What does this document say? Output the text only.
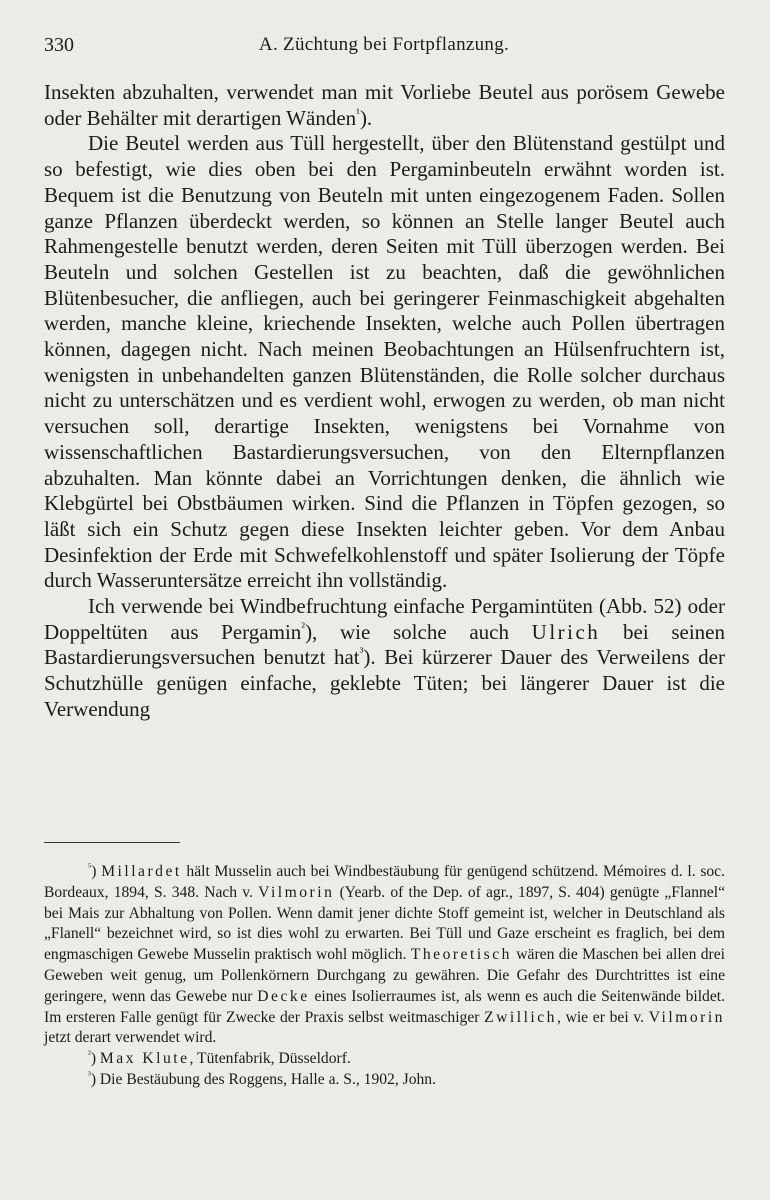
330	A. Züchtung bei Fortpflanzung.

Insekten abzuhalten, verwendet man mit Vorliebe Beutel aus porösem Gewebe oder Behälter mit derartigen Wänden$^{^1}$).

Die Beutel werden aus Tüll hergestellt, über den Blütenstand gestülpt und so befestigt, wie dies oben bei den Pergaminbeuteln erwähnt worden ist. Bequem ist die Benutzung von Beuteln mit unten eingezogenem Faden. Sollen ganze Pflanzen überdeckt werden, so können an Stelle langer Beutel auch Rahmengestelle benutzt werden, deren Seiten mit Tüll überzogen werden. Bei Beuteln und solchen Gestellen ist zu beachten, daß die gewöhnlichen Blütenbesucher, die anfliegen, auch bei geringerer Feinmaschigkeit abgehalten werden, manche kleine, kriechende Insekten, welche auch Pollen übertragen können, dagegen nicht. Nach meinen Beobachtungen an Hülsenfruchtern ist, wenigsten in unbehandelten ganzen Blütenständen, die Rolle solcher durchaus nicht zu unterschätzen und es verdient wohl, erwogen zu werden, ob man nicht versuchen soll, derartige Insekten, wenigstens bei Vornahme von wissenschaftlichen Bastardierungsversuchen, von den Elternpflanzen abzuhalten. Man könnte dabei an Vorrichtungen denken, die ähnlich wie Klebgürtel bei Obstbäumen wirken. Sind die Pflanzen in Töpfen gezogen, so läßt sich ein Schutz gegen diese Insekten leichter geben. Vor dem Anbau Desinfektion der Erde mit Schwefelkohlenstoff und später Isolierung der Töpfe durch Wasseruntersätze erreicht ihn vollständig.

Ich verwende bei Windbefruchtung einfache Pergamintüten (Abb. 52) oder Doppeltüten aus Pergamin$^{^2}$), wie solche auch Ulrich bei seinen Bastardierungsversuchen benutzt hat$^{^3}$). Bei kürzerer Dauer des Verweilens der Schutzhülle genügen einfache, geklebte Tüten; bei längerer Dauer ist die Verwendung

$^{^5}$) Millardet hält Musselin auch bei Windbestäubung für genügend schützend. Mémoires d. l. soc. Bordeaux, 1894, S. 348. Nach v. Vilmorin (Yearb. of the Dep. of agr., 1897, S. 404) genügte „Flannel“ bei Mais zur Abhaltung von Pollen. Wenn damit jener dichte Stoff gemeint ist, welcher in Deutschland als „Flanell“ bezeichnet wird, so ist dies wohl zu erwarten. Bei Tüll und Gaze erscheint es fraglich, bei dem engmaschigen Gewebe Musselin praktisch wohl möglich. Theoretisch wären die Maschen bei allen drei Geweben weit genug, um Pollenkörnern Durchgang zu gewähren. Die Gefahr des Durchtrittes ist eine geringere, wenn das Gewebe nur Decke eines Isolierraumes ist, als wenn es auch die Seitenwände bildet. Im ersteren Falle genügt für Zwecke der Praxis selbst weitmaschiger Zwillich, wie er bei v. Vilmorin jetzt derart verwendet wird.

$^{^2}$) Max Klute, Tütenfabrik, Düsseldorf.

$^{^3}$) Die Bestäubung des Roggens, Halle a. S., 1902, John.
